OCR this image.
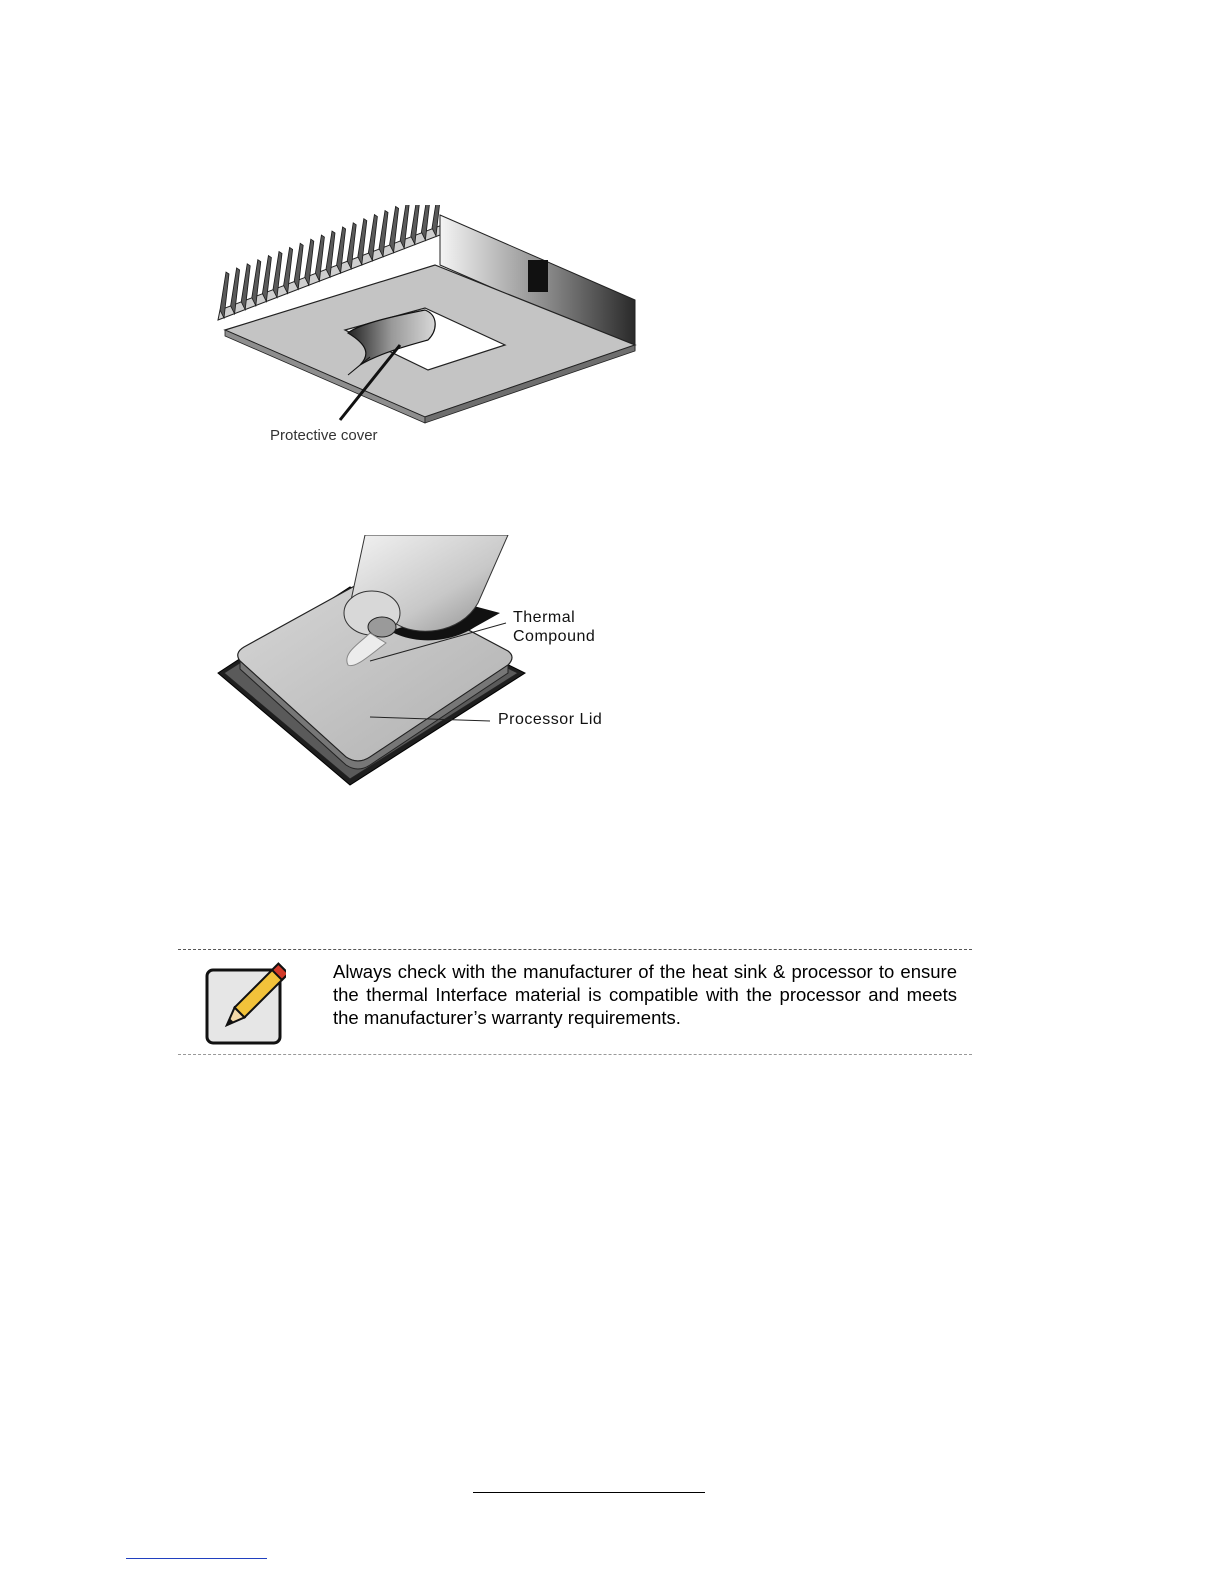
Protective cover
Thermal
Compound
Processor Lid

Always check with the manufacturer of the heat sink & processor to ensure the thermal Interface material is compatible with the processor and meets the manufacturer’s warranty requirements.
